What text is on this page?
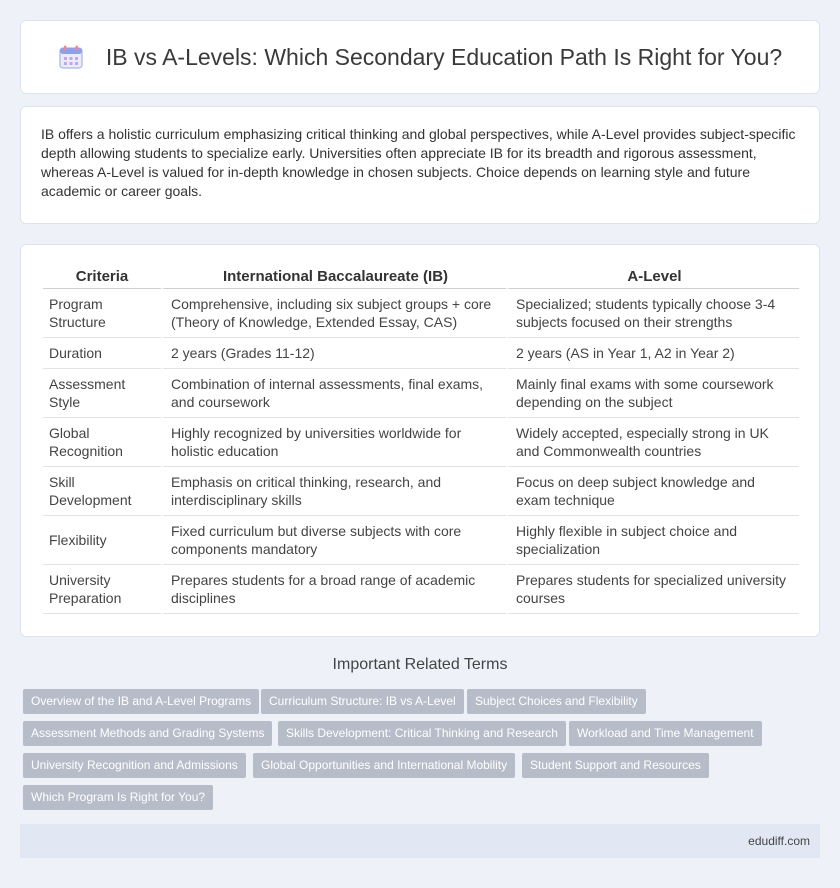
IB vs A-Levels: Which Secondary Education Path Is Right for You?

IB offers a holistic curriculum emphasizing critical thinking and global perspectives, while A-Level provides subject-specific depth allowing students to specialize early. Universities often appreciate IB for its breadth and rigorous assessment, whereas A-Level is valued for in-depth knowledge in chosen subjects. Choice depends on learning style and future academic or career goals.

Criteria	International Baccalaureate (IB)	A-Level
Program Structure	Comprehensive, including six subject groups + core (Theory of Knowledge, Extended Essay, CAS)	Specialized; students typically choose 3-4 subjects focused on their strengths
Duration	2 years (Grades 11-12)	2 years (AS in Year 1, A2 in Year 2)
Assessment Style	Combination of internal assessments, final exams, and coursework	Mainly final exams with some coursework depending on the subject
Global Recognition	Highly recognized by universities worldwide for holistic education	Widely accepted, especially strong in UK and Commonwealth countries
Skill Development	Emphasis on critical thinking, research, and interdisciplinary skills	Focus on deep subject knowledge and exam technique
Flexibility	Fixed curriculum but diverse subjects with core components mandatory	Highly flexible in subject choice and specialization
University Preparation	Prepares students for a broad range of academic disciplines	Prepares students for specialized university courses
Important Related Terms
Overview of the IB and A-Level Programs	Curriculum Structure: IB vs A-Level	Subject Choices and Flexibility
Assessment Methods and Grading Systems	Skills Development: Critical Thinking and Research	Workload and Time Management
University Recognition and Admissions	Global Opportunities and International Mobility	Student Support and Resources
Which Program Is Right for You?
edudiff.com
